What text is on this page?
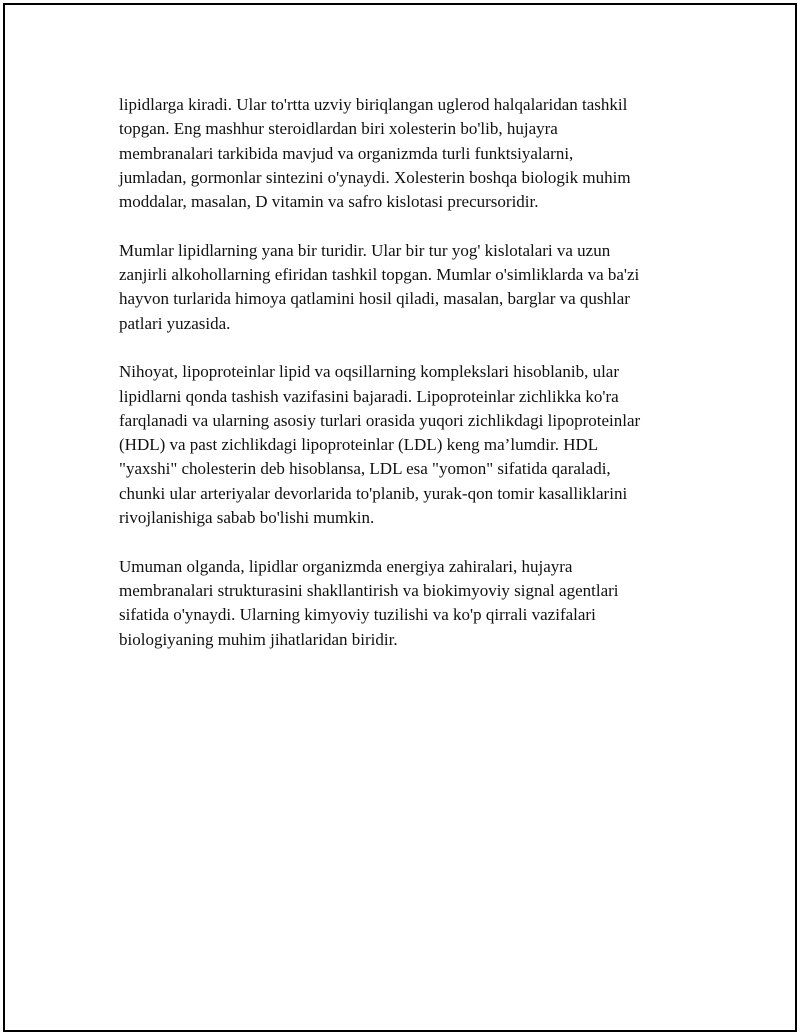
lipidlarga kiradi. Ular to'rtta uzviy biriqlangan uglerod halqalaridan tashkil
topgan. Eng mashhur steroidlardan biri xolesterin bo'lib, hujayra
membranalari tarkibida mavjud va organizmda turli funktsiyalarni,
jumladan, gormonlar sintezini o'ynaydi. Xolesterin boshqa biologik muhim
moddalar, masalan, D vitamin va safro kislotasi precursoridir.

Mumlar lipidlarning yana bir turidir. Ular bir tur yog' kislotalari va uzun
zanjirli alkohollarning efiridan tashkil topgan. Mumlar o'simliklarda va ba'zi
hayvon turlarida himoya qatlamini hosil qiladi, masalan, barglar va qushlar
patlari yuzasida.

Nihoyat, lipoproteinlar lipid va oqsillarning komplekslari hisoblanib, ular
lipidlarni qonda tashish vazifasini bajaradi. Lipoproteinlar zichlikka ko'ra
farqlanadi va ularning asosiy turlari orasida yuqori zichlikdagi lipoproteinlar
(HDL) va past zichlikdagi lipoproteinlar (LDL) keng ma’lumdir. HDL
"yaxshi" cholesterin deb hisoblansa, LDL esa "yomon" sifatida qaraladi,
chunki ular arteriyalar devorlarida to'planib, yurak-qon tomir kasalliklarini
rivojlanishiga sabab bo'lishi mumkin.

Umuman olganda, lipidlar organizmda energiya zahiralari, hujayra
membranalari strukturasini shakllantirish va biokimyoviy signal agentlari
sifatida o'ynaydi. Ularning kimyoviy tuzilishi va ko'p qirrali vazifalari
biologiyaning muhim jihatlaridan biridir.
